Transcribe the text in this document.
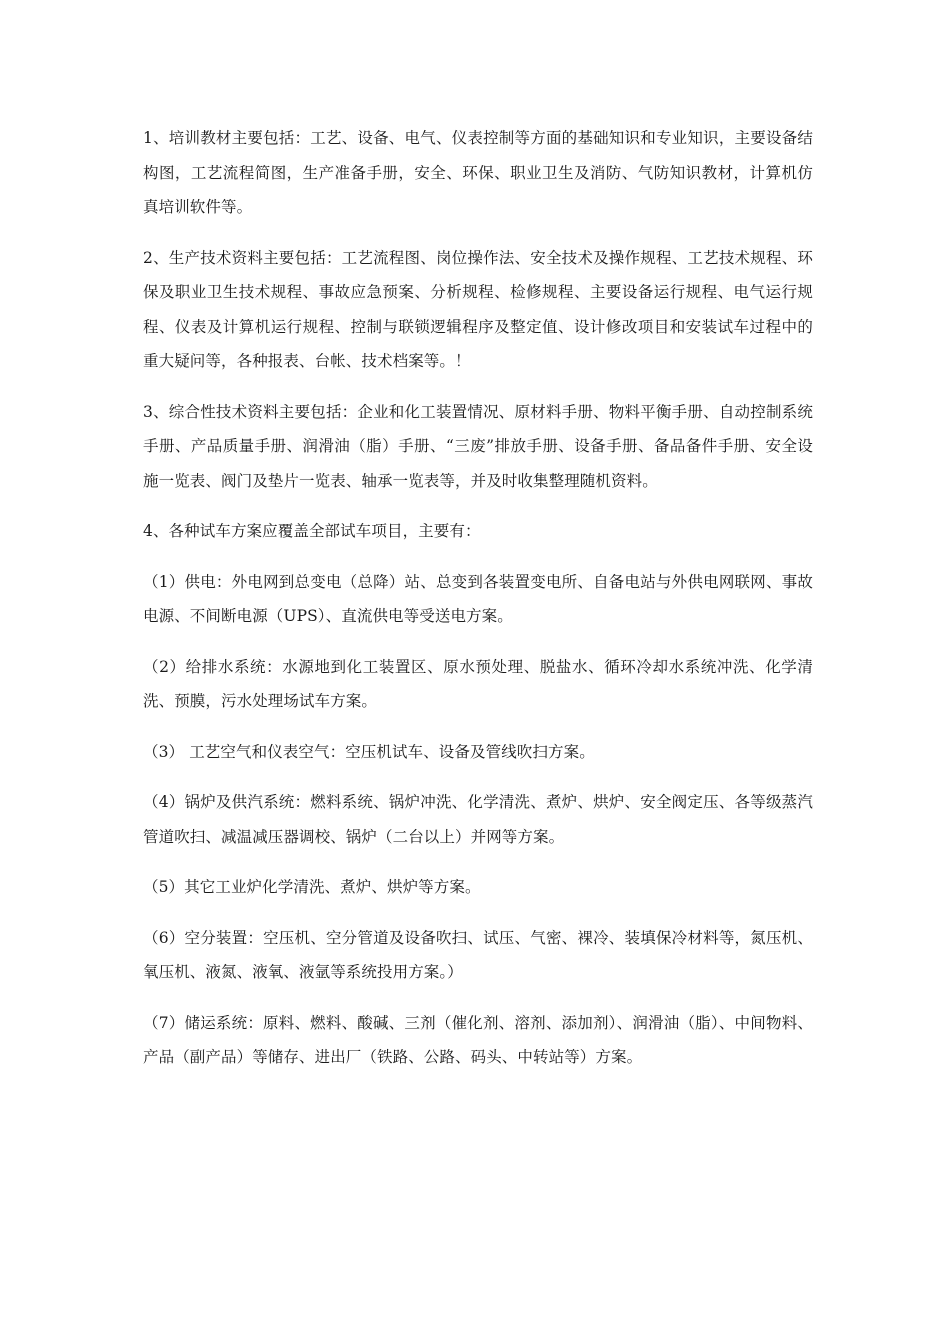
1、培训教材主要包括：工艺、设备、电气、仪表控制等方面的基础知识和专业知识，主要设备结构图，工艺流程简图，生产准备手册，安全、环保、职业卫生及消防、气防知识教材，计算机仿真培训软件等。

2、生产技术资料主要包括：工艺流程图、岗位操作法、安全技术及操作规程、工艺技术规程、环保及职业卫生技术规程、事故应急预案、分析规程、检修规程、主要设备运行规程、电气运行规程、仪表及计算机运行规程、控制与联锁逻辑程序及整定值、设计修改项目和安装试车过程中的重大疑问等，各种报表、台帐、技术档案等。！

3、综合性技术资料主要包括：企业和化工装置情况、原材料手册、物料平衡手册、自动控制系统手册、产品质量手册、润滑油（脂）手册、“三废”排放手册、设备手册、备品备件手册、安全设施一览表、阀门及垫片一览表、轴承一览表等，并及时收集整理随机资料。

4、各种试车方案应覆盖全部试车项目，主要有：

（1）供电：外电网到总变电（总降）站、总变到各装置变电所、自备电站与外供电网联网、事故电源、不间断电源（UPS）、直流供电等受送电方案。

（2）给排水系统：水源地到化工装置区、原水预处理、脱盐水、循环冷却水系统冲洗、化学清洗、预膜，污水处理场试车方案。

（3） 工艺空气和仪表空气：空压机试车、设备及管线吹扫方案。

（4）锅炉及供汽系统：燃料系统、锅炉冲洗、化学清洗、煮炉、烘炉、安全阀定压、各等级蒸汽管道吹扫、减温减压器调校、锅炉（二台以上）并网等方案。

（5）其它工业炉化学清洗、煮炉、烘炉等方案。

（6）空分装置：空压机、空分管道及设备吹扫、试压、气密、裸冷、装填保冷材料等，氮压机、氧压机、液氮、液氧、液氩等系统投用方案。）

（7）储运系统：原料、燃料、酸碱、三剂（催化剂、溶剂、添加剂）、润滑油（脂）、中间物料、产品（副产品）等储存、进出厂（铁路、公路、码头、中转站等）方案。
